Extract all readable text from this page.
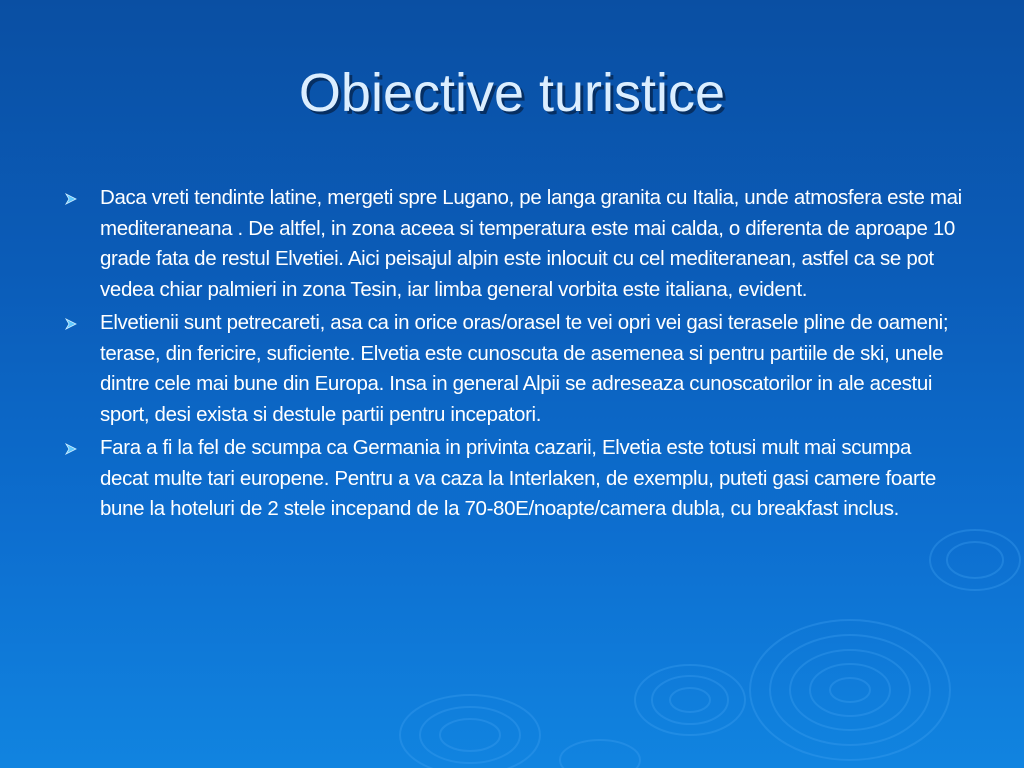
Obiective turistice
Daca vreti tendinte latine, mergeti spre Lugano, pe langa granita cu Italia, unde atmosfera este mai mediteraneana . De altfel, in zona aceea si temperatura este mai calda, o diferenta de aproape 10 grade fata de restul Elvetiei. Aici peisajul alpin este inlocuit cu cel mediteranean, astfel ca se pot vedea chiar palmieri in zona Tesin, iar limba general vorbita este italiana, evident.
Elvetienii sunt petrecareti, asa ca in orice oras/orasel te vei opri vei gasi terasele pline de oameni; terase, din fericire, suficiente. Elvetia este cunoscuta de asemenea si pentru partiile de ski, unele dintre cele mai bune din Europa. Insa in general Alpii se adreseaza cunoscatorilor in ale acestui sport, desi exista si destule partii pentru incepatori.
Fara a fi la fel de scumpa ca Germania in privinta cazarii, Elvetia este totusi mult mai scumpa decat multe tari europene. Pentru a va caza la Interlaken, de exemplu, puteti gasi camere foarte bune la hoteluri de 2 stele incepand de la 70-80E/noapte/camera dubla, cu breakfast inclus.
